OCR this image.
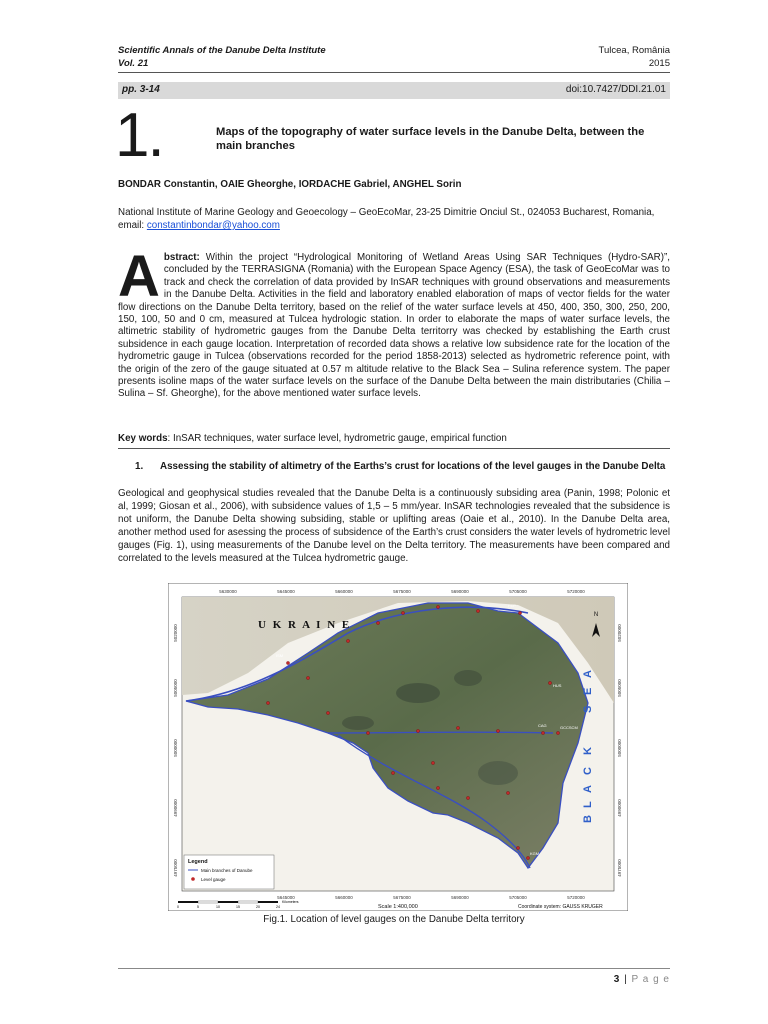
Scientific Annals of the Danube Delta Institute
Vol. 21
Tulcea, România
2015
pp. 3-14	doi:10.7427/DDI.21.01
1.	Maps of the topography of water surface levels in the Danube Delta, between the main branches
BONDAR Constantin, OAIE Gheorghe, IORDACHE Gabriel, ANGHEL Sorin
National Institute of Marine Geology and Geoecology – GeoEcoMar, 23-25 Dimitrie Onciul St., 024053 Bucharest, Romania, email: constantinbondar@yahoo.com
Abstract: Within the project “Hydrological Monitoring of Wetland Areas Using SAR Techniques (Hydro-SAR)”, concluded by the TERRASIGNA (Romania) with the European Space Agency (ESA), the task of GeoEcoMar was to track and check the correlation of data provided by InSAR techniques with ground observations and measurements in the Danube Delta. Activities in the field and laboratory enabled elaboration of maps of vector fields for the water flow directions on the Danube Delta territory, based on the relief of the water surface levels at 450, 400, 350, 300, 250, 200, 150, 100, 50 and 0 cm, measured at Tulcea hydrologic station. In order to elaborate the maps of water surface levels, the altimetric stability of hydrometric gauges from the Danube Delta territorry was checked by establishing the Earth crust subsidence in each gauge location. Interpretation of recorded data shows a relative low subsidence rate for the location of the hydrometric gauge in Tulcea (observations recorded for the period 1858-2013) selected as hydrometric reference point, with the origin of the zero of the gauge situated at 0.57 m altitude relative to the Black Sea – Sulina reference system. The paper presents isoline maps of the water surface levels on the surface of the Danube Delta between the main distributaries (Chilia – Sulina – Sf. Gheorghe), for the above mentioned water surface levels.
Key words: InSAR techniques, water surface level, hydrometric gauge, empirical function
1. Assessing the stability of altimetry of the Earths’s crust for locations of the level gauges in the Danube Delta
Geological and geophysical studies revealed that the Danube Delta is a continuously subsiding area (Panin, 1998; Polonic et al, 1999; Giosan et al., 2006), with subsidence values of 1,5 – 5 mm/year. InSAR technologies revealed that the subsidence is not uniform, the Danube Delta showing subsiding, stable or uplifting areas (Oaie et al., 2010). In the Danube Delta area, another method used for asessing the process of subsidence of the Earth’s crust considers the water levels of hydrometric level gauges (Fig. 1), using measurements of the Danube level on the Delta territory. The measurements have been compared and correlated to the levels measured at the Tulcea hydrometric gauge.
5630000	5645000	5660000	5675000	5690000	5705000	5720000
5645000	5660000	5675000	5690000	5705000	5720000
5020000
5005000
5000000
4990000
4975000
5020000
5005000
5000000
4990000
4975000
U K R A I N E
B
L
A
C
K
S
E
A
N
FEP
HUS
CAG	GCCSCM
KGM
ISM
Legend
Main branches of Danube
Level gauge
0	5	10	15	20	24
Kilometers
Scale 1:400,000	Coordinate system: GAUSS KRUGER
Fig.1. Location of level gauges on the Danube Delta territory
3 | P a g e
